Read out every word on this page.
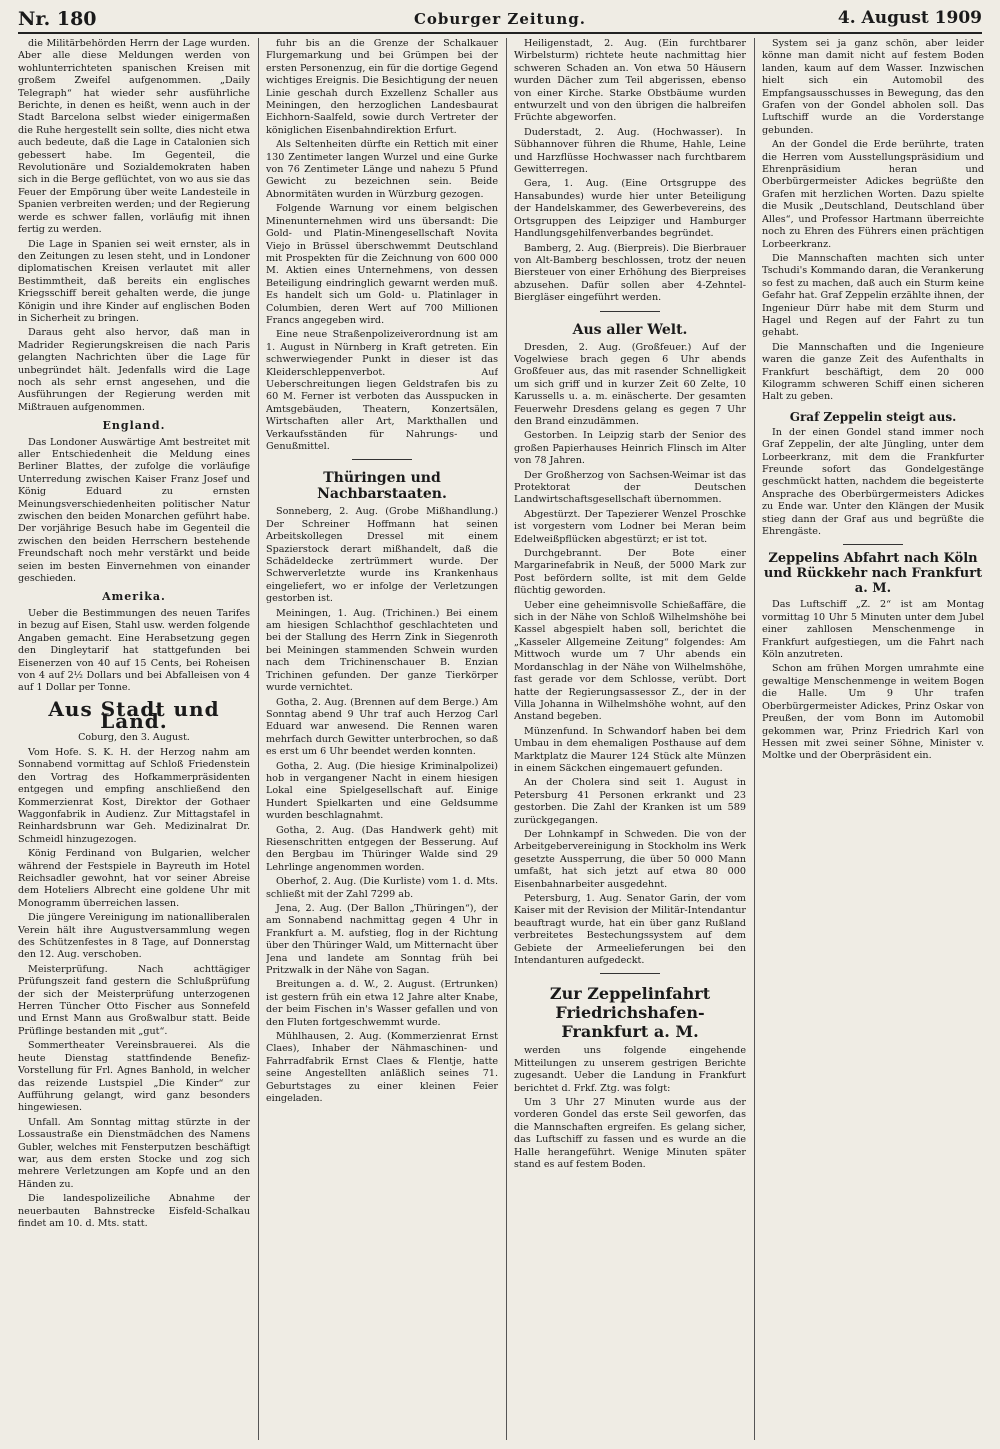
Nr. 180	Coburger Zeitung.	4. August 1909

die Militärbehörden Herrn der Lage wurden. Aber alle diese Meldungen werden von wohlunterrichteten spanischen Kreisen mit großem Zweifel aufgenommen. „Daily Telegraph“ hat wieder sehr ausführliche Berichte, in denen es heißt, wenn auch in der Stadt Barcelona selbst wieder einigermaßen die Ruhe hergestellt sein sollte, dies nicht etwa auch bedeute, daß die Lage in Catalonien sich gebessert habe. Im Gegenteil, die Revolutionäre und Sozialdemokraten haben sich in die Berge geflüchtet, von wo aus sie das Feuer der Empörung über weite Landesteile in Spanien verbreiten werden; und der Regierung werde es schwer fallen, vorläufig mit ihnen fertig zu werden.

Die Lage in Spanien sei weit ernster, als in den Zeitungen zu lesen steht, und in Londoner diplomatischen Kreisen verlautet mit aller Bestimmtheit, daß bereits ein englisches Kriegsschiff bereit gehalten werde, die junge Königin und ihre Kinder auf englischen Boden in Sicherheit zu bringen.

Daraus geht also hervor, daß man in Madrider Regierungskreisen die nach Paris gelangten Nachrichten über die Lage für unbegründet hält. Jedenfalls wird die Lage noch als sehr ernst angesehen, und die Ausführungen der Regierung werden mit Mißtrauen aufgenommen.

England.

Das Londoner Auswärtige Amt bestreitet mit aller Entschiedenheit die Meldung eines Berliner Blattes, der zufolge die vorläufige Unterredung zwischen Kaiser Franz Josef und König Eduard zu ernsten Meinungsverschiedenheiten politischer Natur zwischen den beiden Monarchen geführt habe. Der vorjährige Besuch habe im Gegenteil die zwischen den beiden Herrschern bestehende Freundschaft noch mehr verstärkt und beide seien im besten Einvernehmen von einander geschieden.

Amerika.

Ueber die Bestimmungen des neuen Tarifes in bezug auf Eisen, Stahl usw. werden folgende Angaben gemacht. Eine Herabsetzung gegen den Dingleytarif hat stattgefunden bei Eisenerzen von 40 auf 15 Cents, bei Roheisen von 4 auf 2½ Dollars und bei Abfalleisen von 4 auf 1 Dollar per Tonne.

Aus Stadt und Land.
Coburg, den 3. August.

Vom Hofe. S. K. H. der Herzog nahm am Sonnabend vormittag auf Schloß Friedenstein den Vortrag des Hofkammerpräsidenten entgegen und empfing anschließend den Kommerzienrat Kost, Direktor der Gothaer Waggonfabrik in Audienz. Zur Mittagstafel in Reinhardsbrunn war Geh. Medizinalrat Dr. Schmeidl hinzugezogen.

König Ferdinand von Bulgarien, welcher während der Festspiele in Bayreuth im Hotel Reichsadler gewohnt, hat vor seiner Abreise dem Hoteliers Albrecht eine goldene Uhr mit Monogramm überreichen lassen.

Die jüngere Vereinigung im nationalliberalen Verein hält ihre Augustversammlung wegen des Schützenfestes in 8 Tage, auf Donnerstag den 12. Aug. verschoben.

Meisterprüfung. Nach achttägiger Prüfungszeit fand gestern die Schlußprüfung der sich der Meisterprüfung unterzogenen Herren Tüncher Otto Fischer aus Sonnefeld und Ernst Mann aus Großwalbur statt. Beide Prüflinge bestanden mit „gut“.

Sommertheater Vereinsbrauerei. Als die heute Dienstag stattfindende Benefiz-Vorstellung für Frl. Agnes Banhold, in welcher das reizende Lustspiel „Die Kinder“ zur Aufführung gelangt, wird ganz besonders hingewiesen.

Unfall. Am Sonntag mittag stürzte in der Lossaustraße ein Dienstmädchen des Namens Gubler, welches mit Fensterputzen beschäftigt war, aus dem ersten Stocke und zog sich mehrere Verletzungen am Kopfe und an den Händen zu.

Die landespolizeiliche Abnahme der neuerbauten Bahnstrecke Eisfeld-Schalkau findet am 10. d. Mts. statt.

fuhr bis an die Grenze der Schalkauer Flurgemarkung und bei Grümpen bei der ersten Personenzug, ein für die dortige Gegend wichtiges Ereignis. Die Besichtigung der neuen Linie geschah durch Exzellenz Schaller aus Meiningen, den herzoglichen Landesbaurat Eichhorn-Saalfeld, sowie durch Vertreter der königlichen Eisenbahndirektion Erfurt.

Als Seltenheiten dürfte ein Rettich mit einer 130 Zentimeter langen Wurzel und eine Gurke von 76 Zentimeter Länge und nahezu 5 Pfund Gewicht zu bezeichnen sein. Beide Abnormitäten wurden in Würzburg gezogen.

Folgende Warnung vor einem belgischen Minenunternehmen wird uns übersandt: Die Gold- und Platin-Minengesellschaft Novita Viejo in Brüssel überschwemmt Deutschland mit Prospekten für die Zeichnung von 600 000 M. Aktien eines Unternehmens, von dessen Beteiligung eindringlich gewarnt werden muß. Es handelt sich um Gold- u. Platinlager in Columbien, deren Wert auf 700 Millionen Francs angegeben wird.

Eine neue Straßenpolizeiverordnung ist am 1. August in Nürnberg in Kraft getreten. Ein schwerwiegender Punkt in dieser ist das Kleiderschleppenverbot. Auf Ueberschreitungen liegen Geldstrafen bis zu 60 M. Ferner ist verboten das Ausspucken in Amtsgebäuden, Theatern, Konzertsälen, Wirtschaften aller Art, Markthallen und Verkaufsständen für Nahrungs- und Genußmittel.

Thüringen und Nachbarstaaten.

Sonneberg, 2. Aug. (Grobe Mißhandlung.) Der Schreiner Hoffmann hat seinen Arbeitskollegen Dressel mit einem Spazierstock derart mißhandelt, daß die Schädeldecke zertrümmert wurde. Der Schwerverletzte wurde ins Krankenhaus eingeliefert, wo er infolge der Verletzungen gestorben ist.

Meiningen, 1. Aug. (Trichinen.) Bei einem am hiesigen Schlachthof geschlachteten und bei der Stallung des Herrn Zink in Siegenroth bei Meiningen stammenden Schwein wurden nach dem Trichinenschauer B. Enzian Trichinen gefunden. Der ganze Tierkörper wurde vernichtet.

Gotha, 2. Aug. (Brennen auf dem Berge.) Am Sonntag abend 9 Uhr traf auch Herzog Carl Eduard war anwesend. Die Rennen waren mehrfach durch Gewitter unterbrochen, so daß es erst um 6 Uhr beendet werden konnten.

Gotha, 2. Aug. (Die hiesige Kriminalpolizei) hob in vergangener Nacht in einem hiesigen Lokal eine Spielgesellschaft auf. Einige Hundert Spielkarten und eine Geldsumme wurden beschlagnahmt.

Gotha, 2. Aug. (Das Handwerk geht) mit Riesenschritten entgegen der Besserung. Auf den Bergbau im Thüringer Walde sind 29 Lehrlinge angenommen worden.

Oberhof, 2. Aug. (Die Kurliste) vom 1. d. Mts. schließt mit der Zahl 7299 ab.

Jena, 2. Aug. (Der Ballon „Thüringen“), der am Sonnabend nachmittag gegen 4 Uhr in Frankfurt a. M. aufstieg, flog in der Richtung über den Thüringer Wald, um Mitternacht über Jena und landete am Sonntag früh bei Pritzwalk in der Nähe von Sagan.

Breitungen a. d. W., 2. August. (Ertrunken) ist gestern früh ein etwa 12 Jahre alter Knabe, der beim Fischen in's Wasser gefallen und von den Fluten fortgeschwemmt wurde.

Mühlhausen, 2. Aug. (Kommerzienrat Ernst Claes), Inhaber der Nähmaschinen- und Fahrradfabrik Ernst Claes & Flentje, hatte seine Angestellten anläßlich seines 71. Geburtstages zu einer kleinen Feier eingeladen.

Heiligenstadt, 2. Aug. (Ein furchtbarer Wirbelsturm) richtete heute nachmittag hier schweren Schaden an. Von etwa 50 Häusern wurden Dächer zum Teil abgerissen, ebenso von einer Kirche. Starke Obstbäume wurden entwurzelt und von den übrigen die halbreifen Früchte abgeworfen.

Duderstadt, 2. Aug. (Hochwasser). In Sübhannover führen die Rhume, Hahle, Leine und Harzflüsse Hochwasser nach furchtbarem Gewitterregen.

Gera, 1. Aug. (Eine Ortsgruppe des Hansabundes) wurde hier unter Beteiligung der Handelskammer, des Gewerbevereins, des Ortsgruppen des Leipziger und Hamburger Handlungsgehilfenverbandes begründet.

Bamberg, 2. Aug. (Bierpreis). Die Bierbrauer von Alt-Bamberg beschlossen, trotz der neuen Biersteuer von einer Erhöhung des Bierpreises abzusehen. Dafür sollen aber 4-Zehntel-Biergläser eingeführt werden.

Aus aller Welt.

Dresden, 2. Aug. (Großfeuer.) Auf der Vogelwiese brach gegen 6 Uhr abends Großfeuer aus, das mit rasender Schnelligkeit um sich griff und in kurzer Zeit 60 Zelte, 10 Karussells u. a. m. einäscherte. Der gesamten Feuerwehr Dresdens gelang es gegen 7 Uhr den Brand einzudämmen.

Gestorben. In Leipzig starb der Senior des großen Papierhauses Heinrich Flinsch im Alter von 78 Jahren.

Der Großherzog von Sachsen-Weimar ist das Protektorat der Deutschen Landwirtschaftsgesellschaft übernommen.

Abgestürzt. Der Tapezierer Wenzel Proschke ist vorgestern vom Lodner bei Meran beim Edelweißpflücken abgestürzt; er ist tot.

Durchgebrannt. Der Bote einer Margarinefabrik in Neuß, der 5000 Mark zur Post befördern sollte, ist mit dem Gelde flüchtig geworden.

Ueber eine geheimnisvolle Schießaffäre, die sich in der Nähe von Schloß Wilhelmshöhe bei Kassel abgespielt haben soll, berichtet die „Kasseler Allgemeine Zeitung“ folgendes: Am Mittwoch wurde um 7 Uhr abends ein Mordanschlag in der Nähe von Wilhelmshöhe, fast gerade vor dem Schlosse, verübt. Dort hatte der Regierungsassessor Z., der in der Villa Johanna in Wilhelmshöhe wohnt, auf den Anstand begeben.

Münzenfund. In Schwandorf haben bei dem Umbau in dem ehemaligen Posthause auf dem Marktplatz die Maurer 124 Stück alte Münzen in einem Säckchen eingemauert gefunden.

An der Cholera sind seit 1. August in Petersburg 41 Personen erkrankt und 23 gestorben. Die Zahl der Kranken ist um 589 zurückgegangen.

Der Lohnkampf in Schweden. Die von der Arbeitgebervereinigung in Stockholm ins Werk gesetzte Aussperrung, die über 50 000 Mann umfaßt, hat sich jetzt auf etwa 80 000 Eisenbahnarbeiter ausgedehnt.

Petersburg, 1. Aug. Senator Garin, der vom Kaiser mit der Revision der Militär-Intendantur beauftragt wurde, hat ein über ganz Rußland verbreitetes Bestechungssystem auf dem Gebiete der Armeelieferungen bei den Intendanturen aufgedeckt.

Zur Zeppelinfahrt
Friedrichshafen-Frankfurt a. M.

werden uns folgende eingehende Mitteilungen zu unserem gestrigen Berichte zugesandt. Ueber die Landung in Frankfurt berichtet d. Frkf. Ztg. was folgt:

Um 3 Uhr 27 Minuten wurde aus der vorderen Gondel das erste Seil geworfen, das die Mannschaften ergreifen. Es gelang sicher, das Luftschiff zu fassen und es wurde an die Halle herangeführt. Wenige Minuten später stand es auf festem Boden.

System sei ja ganz schön, aber leider könne man damit nicht auf festem Boden landen, kaum auf dem Wasser. Inzwischen hielt sich ein Automobil des Empfangsausschusses in Bewegung, das den Grafen von der Gondel abholen soll. Das Luftschiff wurde an die Vorderstange gebunden.

An der Gondel die Erde berührte, traten die Herren vom Ausstellungspräsidium und Ehrenpräsidium heran und Oberbürgermeister Adickes begrüßte den Grafen mit herzlichen Worten. Dazu spielte die Musik „Deutschland, Deutschland über Alles“, und Professor Hartmann überreichte noch zu Ehren des Führers einen prächtigen Lorbeerkranz.

Die Mannschaften machten sich unter Tschudi's Kommando daran, die Verankerung so fest zu machen, daß auch ein Sturm keine Gefahr hat. Graf Zeppelin erzählte ihnen, der Ingenieur Dürr habe mit dem Sturm und Hagel und Regen auf der Fahrt zu tun gehabt.

Die Mannschaften und die Ingenieure waren die ganze Zeit des Aufenthalts in Frankfurt beschäftigt, dem 20 000 Kilogramm schweren Schiff einen sicheren Halt zu geben.

Graf Zeppelin steigt aus.

In der einen Gondel stand immer noch Graf Zeppelin, der alte Jüngling, unter dem Lorbeerkranz, mit dem die Frankfurter Freunde sofort das Gondelgestänge geschmückt hatten, nachdem die begeisterte Ansprache des Oberbürgermeisters Adickes zu Ende war. Unter den Klängen der Musik stieg dann der Graf aus und begrüßte die Ehrengäste.

Zeppelins Abfahrt nach Köln und Rückkehr nach Frankfurt a. M.

Das Luftschiff „Z. 2“ ist am Montag vormittag 10 Uhr 5 Minuten unter dem Jubel einer zahllosen Menschenmenge in Frankfurt aufgestiegen, um die Fahrt nach Köln anzutreten.

Schon am frühen Morgen umrahmte eine gewaltige Menschenmenge in weitem Bogen die Halle. Um 9 Uhr trafen Oberbürgermeister Adickes, Prinz Oskar von Preußen, der vom Bonn im Automobil gekommen war, Prinz Friedrich Karl von Hessen mit zwei seiner Söhne, Minister v. Moltke und der Oberpräsident ein.
